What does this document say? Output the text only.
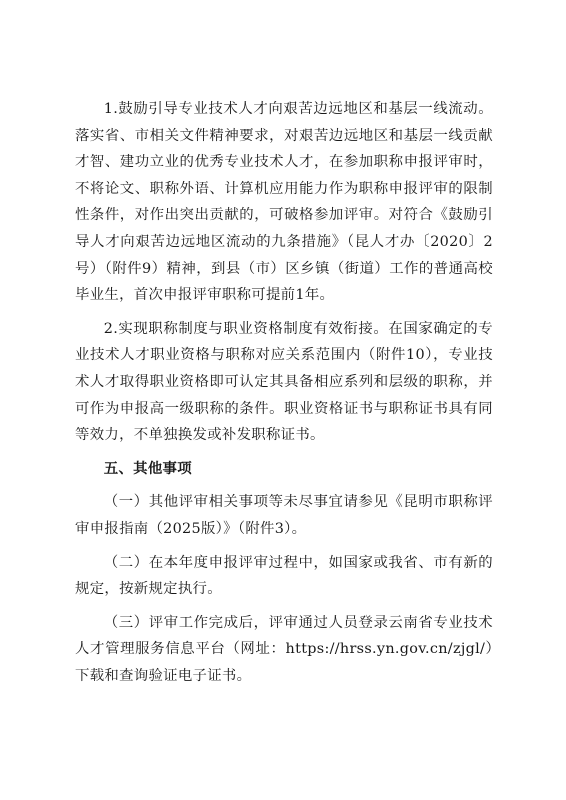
1.鼓励引导专业技术人才向艰苦边远地区和基层一线流动。落实省、市相关文件精神要求，对艰苦边远地区和基层一线贡献才智、建功立业的优秀专业技术人才，在参加职称申报评审时，不将论文、职称外语、计算机应用能力作为职称申报评审的限制性条件，对作出突出贡献的，可破格参加评审。对符合《鼓励引导人才向艰苦边远地区流动的九条措施》（昆人才办〔2020〕2号）（附件9）精神，到县（市）区乡镇（街道）工作的普通高校毕业生，首次申报评审职称可提前1年。

2.实现职称制度与职业资格制度有效衔接。在国家确定的专业技术人才职业资格与职称对应关系范围内（附件10），专业技术人才取得职业资格即可认定其具备相应系列和层级的职称，并可作为申报高一级职称的条件。职业资格证书与职称证书具有同等效力，不单独换发或补发职称证书。

五、其他事项

（一）其他评审相关事项等未尽事宜请参见《昆明市职称评审申报指南（2025版）》（附件3）。

（二）在本年度申报评审过程中，如国家或我省、市有新的规定，按新规定执行。

（三）评审工作完成后，评审通过人员登录云南省专业技术人才管理服务信息平台（网址：https://hrss.yn.gov.cn/zjgl/）下载和查询验证电子证书。
